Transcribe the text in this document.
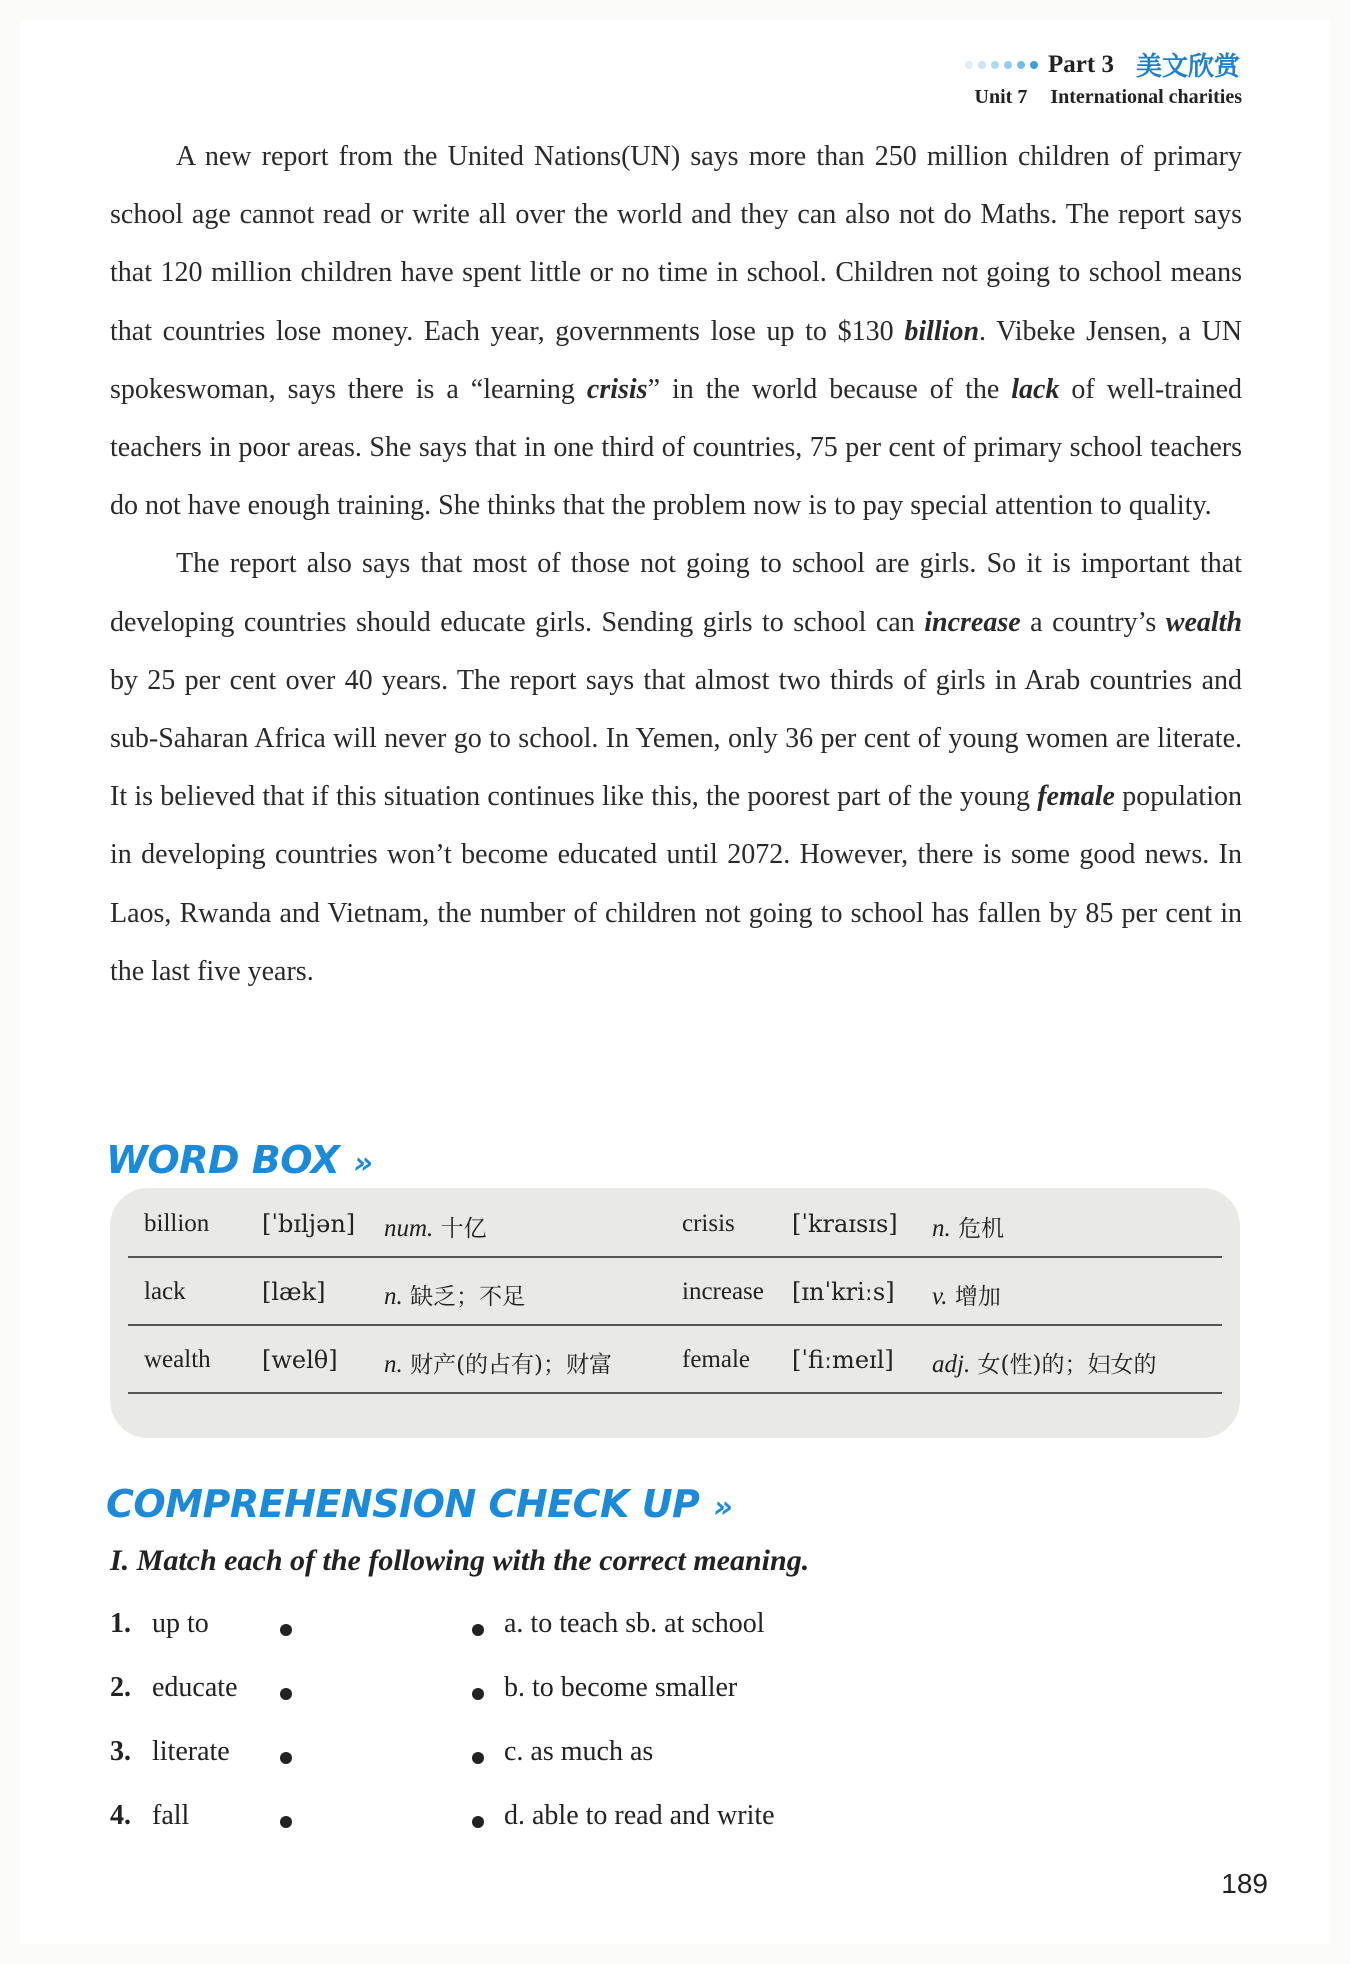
Part 3 美文欣赏
Unit 7 International charities

A new report from the United Nations(UN) says more than 250 million children of primary school age cannot read or write all over the world and they can also not do Maths. The report says that 120 million children have spent little or no time in school. Children not going to school means that countries lose money. Each year, governments lose up to $130 billion. Vibeke Jensen, a UN spokeswoman, says there is a “learning crisis” in the world because of the lack of well-trained teachers in poor areas. She says that in one third of countries, 75 per cent of primary school teachers do not have enough training. She thinks that the problem now is to pay special attention to quality.

The report also says that most of those not going to school are girls. So it is important that developing countries should educate girls. Sending girls to school can increase a country’s wealth by 25 per cent over 40 years. The report says that almost two thirds of girls in Arab countries and sub-Saharan Africa will never go to school. In Yemen, only 36 per cent of young women are literate. It is believed that if this situation continues like this, the poorest part of the young female population in developing countries won’t become educated until 2072. However, there is some good news. In Laos, Rwanda and Vietnam, the number of children not going to school has fallen by 85 per cent in the last five years.

WORD BOX »
billion [ˈbɪljən] num. 十亿	crisis [ˈkraɪsɪs] n. 危机
lack	[læk] n. 缺乏；不足	increase [ɪnˈkriːs] v. 增加
wealth [welθ] n. 财产(的占有)；财富	female [ˈfiːmeɪl] adj. 女(性)的；妇女的
COMPREHENSION CHECK UP »
I. Match each of the following with the correct meaning.
1. up to	a. to teach sb. at school
2. educate	b. to become smaller
3. literate	c. as much as
4. fall	d. able to read and write
189
